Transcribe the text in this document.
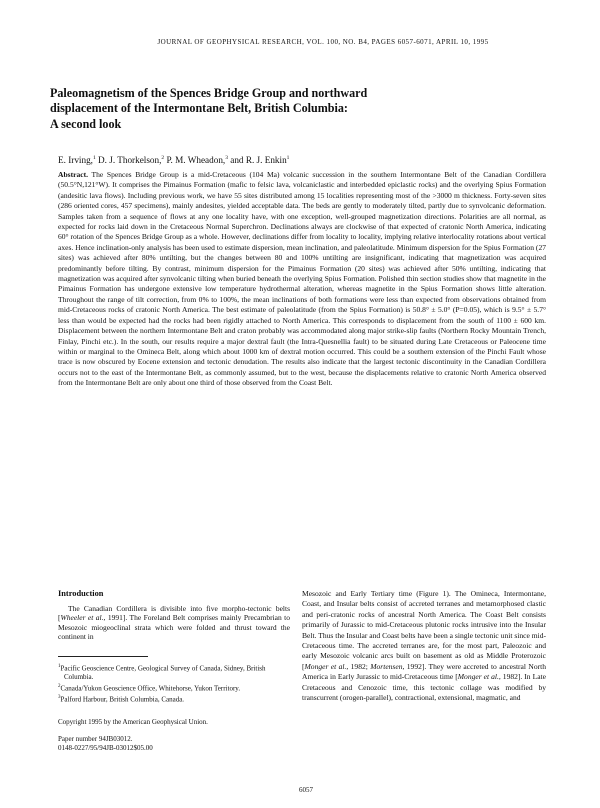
JOURNAL OF GEOPHYSICAL RESEARCH, VOL. 100, NO. B4, PAGES 6057-6071, APRIL 10, 1995
Paleomagnetism of the Spences Bridge Group and northward
displacement of the Intermontane Belt, British Columbia:
A second look
E. Irving,$^1$ D. J. Thorkelson,$^2$ P. M. Wheadon,$^3$ and R. J. Enkin$^1$
Abstract. The Spences Bridge Group is a mid-Cretaceous (104 Ma) volcanic succession in the southern Intermontane Belt of the Canadian Cordillera (50.5°N,121°W). It comprises the Pimainus Formation (mafic to felsic lava, volcaniclastic and interbedded epiclastic rocks) and the overlying Spius Formation (andesitic lava flows). Including previous work, we have 55 sites distributed among 15 localities representing most of the >3000 m thickness. Forty-seven sites (286 oriented cores, 457 specimens), mainly andesites, yielded acceptable data. The beds are gently to moderately tilted, partly due to synvolcanic deformation. Samples taken from a sequence of flows at any one locality have, with one exception, well-grouped magnetization directions. Polarities are all normal, as expected for rocks laid down in the Cretaceous Normal Superchron. Declinations always are clockwise of that expected of cratonic North America, indicating 60° rotation of the Spences Bridge Group as a whole. However, declinations differ from locality to locality, implying relative interlocality rotations about vertical axes. Hence inclination-only analysis has been used to estimate dispersion, mean inclination, and paleolatitude. Minimum dispersion for the Spius Formation (27 sites) was achieved after 80% untilting, but the changes between 80 and 100% untilting are insignificant, indicating that magnetization was acquired predominantly before tilting. By contrast, minimum dispersion for the Pimainus Formation (20 sites) was achieved after 50% untilting, indicating that magnetization was acquired after synvolcanic tilting when buried beneath the overlying Spius Formation. Polished thin section studies show that magnetite in the Pimainus Formation has undergone extensive low temperature hydrothermal alteration, whereas magnetite in the Spius Formation shows little alteration. Throughout the range of tilt correction, from 0% to 100%, the mean inclinations of both formations were less than expected from observations obtained from mid-Cretaceous rocks of cratonic North America. The best estimate of paleolatitude (from the Spius Formation) is 50.8° ± 5.0° (P=0.05), which is 9.5° ± 5.7° less than would be expected had the rocks had been rigidly attached to North America. This corresponds to displacement from the south of 1100 ± 600 km. Displacement between the northern Intermontane Belt and craton probably was accommodated along major strike-slip faults (Northern Rocky Mountain Trench, Finlay, Pinchi etc.). In the south, our results require a major dextral fault (the Intra-Quesnellia fault) to be situated during Late Cretaceous or Paleocene time within or marginal to the Omineca Belt, along which about 1000 km of dextral motion occurred. This could be a southern extension of the Pinchi Fault whose trace is now obscured by Eocene extension and tectonic denudation. The results also indicate that the largest tectonic discontinuity in the Canadian Cordillera occurs not to the east of the Intermontane Belt, as commonly assumed, but to the west, because the displacements relative to cratonic North America observed from the Intermontane Belt are only about one third of those observed from the Coast Belt.
Introduction

The Canadian Cordillera is divisible into five morpho-tectonic belts [Wheeler et al., 1991]. The Foreland Belt comprises mainly Precambrian to Mesozoic miogeoclinal strata which were folded and thrust toward the continent in

$^1$Pacific Geoscience Centre, Geological Survey of Canada, Sidney, British Columbia.

$^2$Canada/Yukon Geoscience Office, Whitehorse, Yukon Territory.

$^3$Palford Harbour, British Columbia, Canada.

Copyright 1995 by the American Geophysical Union.
Paper number 94JB03012.
0148-0227/95/94JB-03012$05.00

Mesozoic and Early Tertiary time (Figure 1). The Omineca, Intermontane, Coast, and Insular belts consist of accreted terranes and metamorphosed clastic and peri-cratonic rocks of ancestral North America. The Coast Belt consists primarily of Jurassic to mid-Cretaceous plutonic rocks intrusive into the Insular Belt. Thus the Insular and Coast belts have been a single tectonic unit since mid-Cretaceous time. The accreted terranes are, for the most part, Paleozoic and early Mesozoic volcanic arcs built on basement as old as Middle Proterozoic [Monger et al., 1982; Mortensen, 1992]. They were accreted to ancestral North America in Early Jurassic to mid-Cretaceous time [Monger et al., 1982]. In Late Cretaceous and Cenozoic time, this tectonic collage was modified by transcurrent (orogen-parallel), contractional, extensional, magmatic, and

6057
